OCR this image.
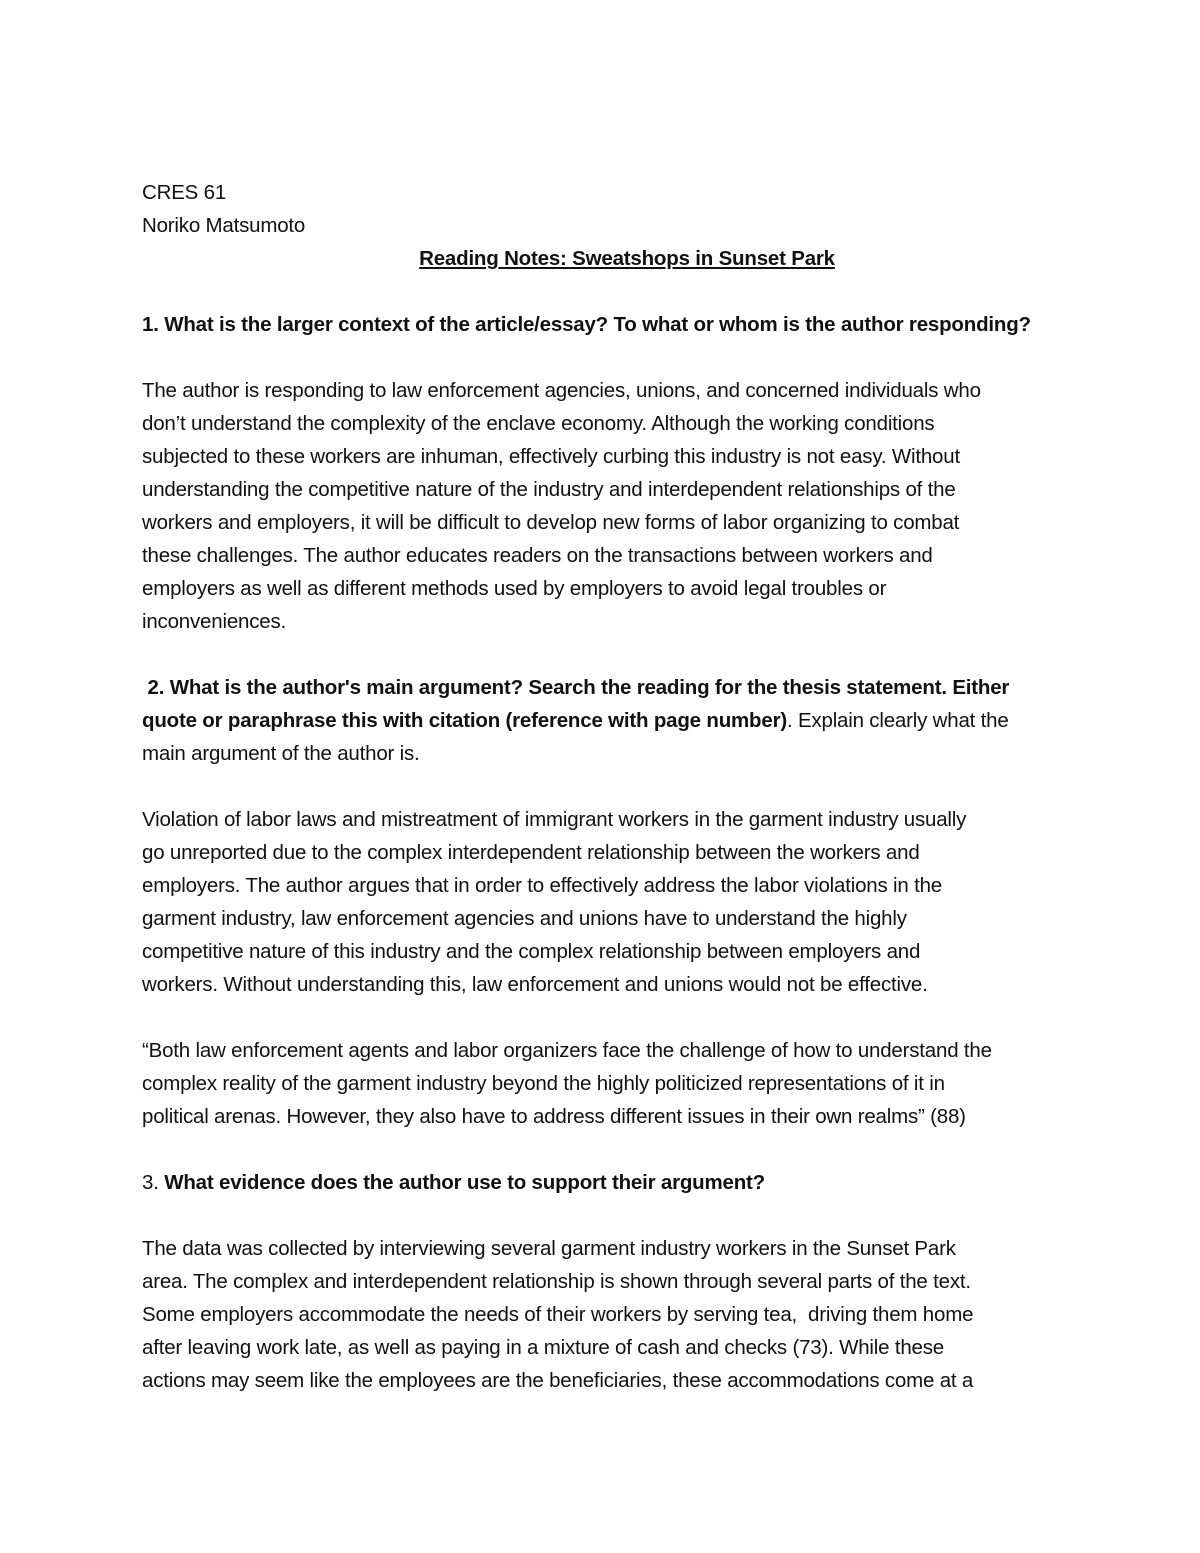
CRES 61
Noriko Matsumoto
Reading Notes: Sweatshops in Sunset Park
1. What is the larger context of the article/essay? To what or whom is the author responding?
The author is responding to law enforcement agencies, unions, and concerned individuals who
don’t understand the complexity of the enclave economy. Although the working conditions
subjected to these workers are inhuman, effectively curbing this industry is not easy. Without
understanding the competitive nature of the industry and interdependent relationships of the
workers and employers, it will be difficult to develop new forms of labor organizing to combat
these challenges. The author educates readers on the transactions between workers and
employers as well as different methods used by employers to avoid legal troubles or
inconveniences.
2. What is the author's main argument? Search the reading for the thesis statement. Either
quote or paraphrase this with citation (reference with page number). Explain clearly what the
main argument of the author is.
Violation of labor laws and mistreatment of immigrant workers in the garment industry usually
go unreported due to the complex interdependent relationship between the workers and
employers. The author argues that in order to effectively address the labor violations in the
garment industry, law enforcement agencies and unions have to understand the highly
competitive nature of this industry and the complex relationship between employers and
workers. Without understanding this, law enforcement and unions would not be effective.
“Both law enforcement agents and labor organizers face the challenge of how to understand the
complex reality of the garment industry beyond the highly politicized representations of it in
political arenas. However, they also have to address different issues in their own realms” (88)
3. What evidence does the author use to support their argument?
The data was collected by interviewing several garment industry workers in the Sunset Park
area. The complex and interdependent relationship is shown through several parts of the text.
Some employers accommodate the needs of their workers by serving tea,  driving them home
after leaving work late, as well as paying in a mixture of cash and checks (73). While these
actions may seem like the employees are the beneficiaries, these accommodations come at a
